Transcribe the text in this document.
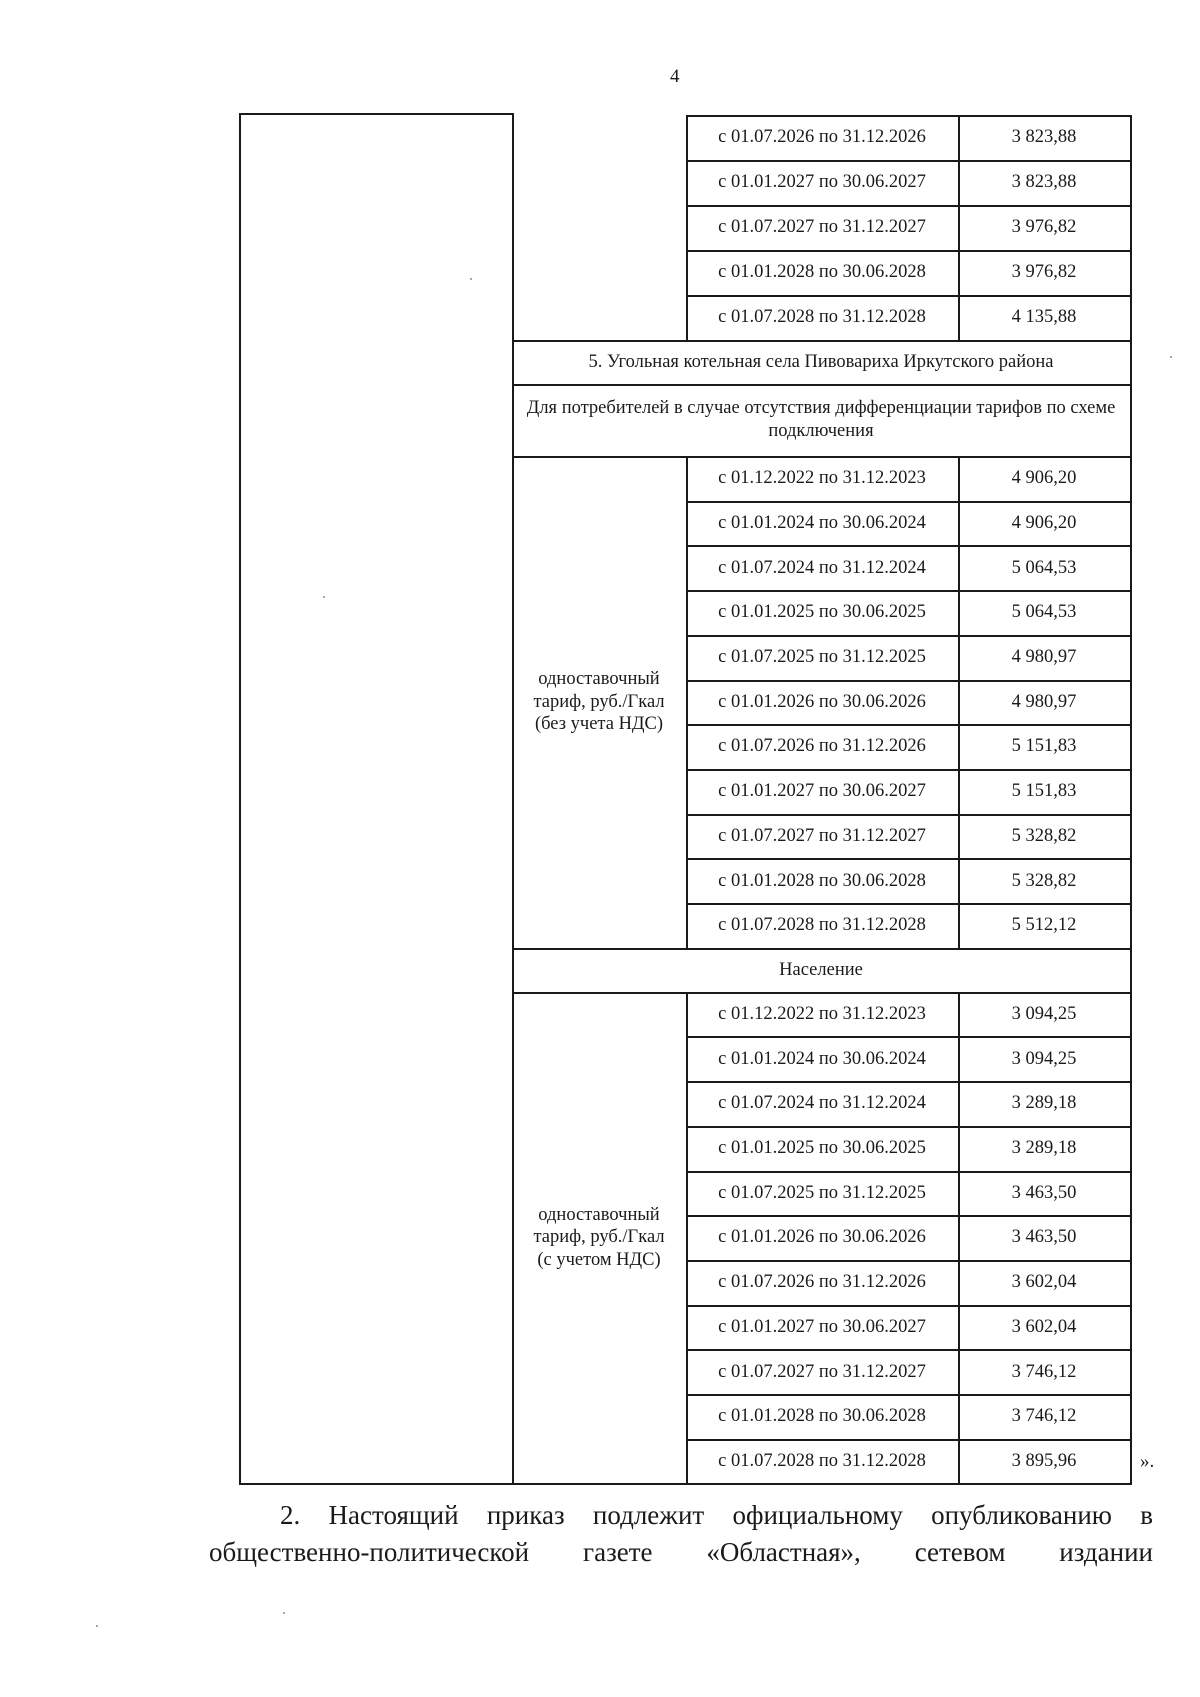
4
с 01.07.2026 по 31.12.2026	3 823,88
с 01.01.2027 по 30.06.2027	3 823,88
с 01.07.2027 по 31.12.2027	3 976,82
с 01.01.2028 по 30.06.2028	3 976,82
с 01.07.2028 по 31.12.2028	4 135,88
5. Угольная котельная села Пивовариха Иркутского района
Для потребителей в случае отсутствия дифференциации тарифов по схеме подключения
с 01.12.2022 по 31.12.2023	4 906,20
с 01.01.2024 по 30.06.2024	4 906,20
с 01.07.2024 по 31.12.2024	5 064,53
с 01.01.2025 по 30.06.2025	5 064,53
с 01.07.2025 по 31.12.2025	4 980,97
с 01.01.2026 по 30.06.2026	4 980,97
с 01.07.2026 по 31.12.2026	5 151,83
с 01.01.2027 по 30.06.2027	5 151,83
с 01.07.2027 по 31.12.2027	5 328,82
с 01.01.2028 по 30.06.2028	5 328,82
с 01.07.2028 по 31.12.2028	5 512,12
одноставочный
тариф, руб./Гкал
(без учета НДС)
Население
с 01.12.2022 по 31.12.2023	3 094,25
с 01.01.2024 по 30.06.2024	3 094,25
с 01.07.2024 по 31.12.2024	3 289,18
с 01.01.2025 по 30.06.2025	3 289,18
с 01.07.2025 по 31.12.2025	3 463,50
с 01.01.2026 по 30.06.2026	3 463,50
с 01.07.2026 по 31.12.2026	3 602,04
с 01.01.2027 по 30.06.2027	3 602,04
с 01.07.2027 по 31.12.2027	3 746,12
с 01.01.2028 по 30.06.2028	3 746,12
с 01.07.2028 по 31.12.2028	3 895,96
одноставочный
тариф, руб./Гкал
(с учетом НДС)
».
2. Настоящий приказ подлежит официальному опубликованию в
общественно-политической газете «Областная», сетевом издании
